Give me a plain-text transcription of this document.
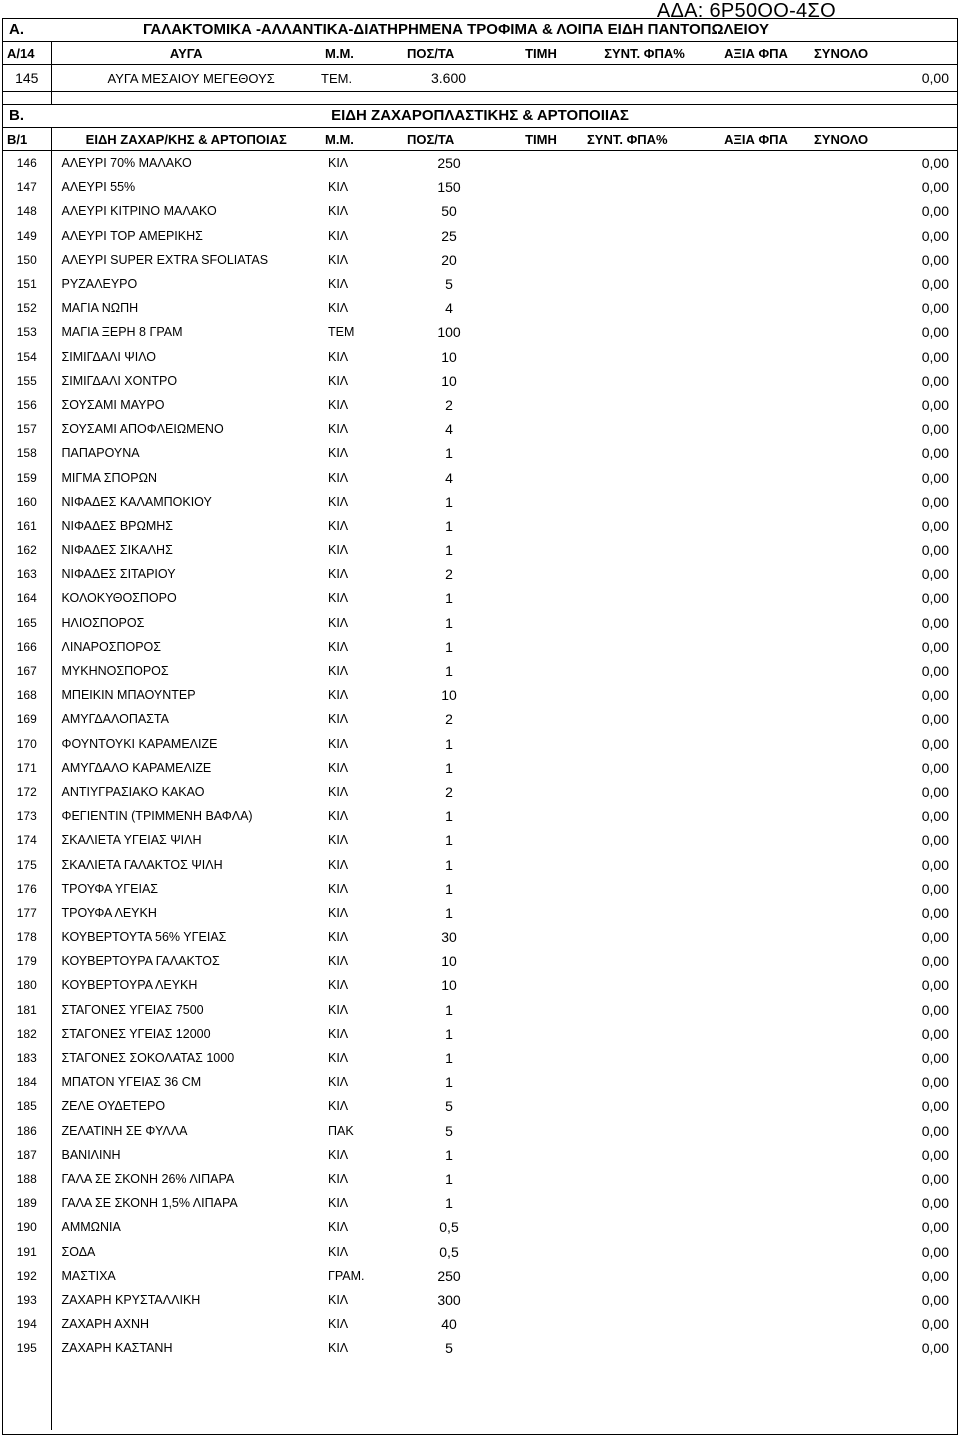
ΑΔΑ: 6Ρ50ΟΟ-4ΣΟ
Α.	ΓΑΛΑΚΤΟΜΙΚΑ -ΑΛΛΑΝΤΙΚΑ-ΔΙΑΤΗΡΗΜΕΝΑ ΤΡΟΦΙΜΑ & ΛΟΙΠΑ ΕΙΔΗ ΠΑΝΤΟΠΩΛΕΙΟΥ
Α/14	ΑΥΓΑ	Μ.Μ.	ΠΟΣ/ΤΑ	ΤΙΜΗ	ΣΥΝΤ. ΦΠΑ%	ΑΞΙΑ ΦΠΑ	ΣΥΝΟΛΟ
145	ΑΥΓΑ ΜΕΣΑΙΟΥ ΜΕΓΕΘΟΥΣ	ΤΕΜ.	3.600				0,00
Β.	ΕΙΔΗ ΖΑΧΑΡΟΠΛΑΣΤΙΚΗΣ & ΑΡΤΟΠΟΙΙΑΣ
Β/1	ΕΙΔΗ ΖΑΧΑΡ/ΚΗΣ & ΑΡΤΟΠΟΙΑΣ	Μ.Μ.	ΠΟΣ/ΤΑ	ΤΙΜΗ	ΣΥΝΤ. ΦΠΑ%	ΑΞΙΑ ΦΠΑ	ΣΥΝΟΛΟ
146	ΑΛΕΥΡΙ 70% ΜΑΛΑΚΟ	ΚΙΛ	250				0,00
147	ΑΛΕΥΡΙ 55%	ΚΙΛ	150				0,00
148	ΑΛΕΥΡΙ ΚΙΤΡΙΝΟ ΜΑΛΑΚΟ	ΚΙΛ	50				0,00
149	ΑΛΕΥΡΙ TOP ΑΜΕΡΙΚΗΣ	ΚΙΛ	25				0,00
150	ΑΛΕΥΡΙ SUPER EXTRA SFOLIATAS	ΚΙΛ	20				0,00
151	ΡΥΖΑΛΕΥΡΟ	ΚΙΛ	5				0,00
152	ΜΑΓΙΑ ΝΩΠΗ	ΚΙΛ	4				0,00
153	ΜΑΓΙΑ ΞΕΡΗ 8 ΓΡΑΜ	ΤΕΜ	100				0,00
154	ΣΙΜΙΓΔΑΛΙ ΨΙΛΟ	ΚΙΛ	10				0,00
155	ΣΙΜΙΓΔΑΛΙ ΧΟΝΤΡΟ	ΚΙΛ	10				0,00
156	ΣΟΥΣΑΜΙ ΜΑΥΡΟ	ΚΙΛ	2				0,00
157	ΣΟΥΣΑΜΙ ΑΠΟΦΛΕΙΩΜΕΝΟ	ΚΙΛ	4				0,00
158	ΠΑΠΑΡΟΥΝΑ	ΚΙΛ	1				0,00
159	ΜΙΓΜΑ ΣΠΟΡΩΝ	ΚΙΛ	4				0,00
160	ΝΙΦΑΔΕΣ ΚΑΛΑΜΠΟΚΙΟΥ	ΚΙΛ	1				0,00
161	ΝΙΦΑΔΕΣ ΒΡΩΜΗΣ	ΚΙΛ	1				0,00
162	ΝΙΦΑΔΕΣ ΣΙΚΑΛΗΣ	ΚΙΛ	1				0,00
163	ΝΙΦΑΔΕΣ ΣΙΤΑΡΙΟΥ	ΚΙΛ	2				0,00
164	ΚΟΛΟΚΥΘΟΣΠΟΡΟ	ΚΙΛ	1				0,00
165	ΗΛΙΟΣΠΟΡΟΣ	ΚΙΛ	1				0,00
166	ΛΙΝΑΡΟΣΠΟΡΟΣ	ΚΙΛ	1				0,00
167	ΜΥΚΗΝΟΣΠΟΡΟΣ	ΚΙΛ	1				0,00
168	ΜΠΕΙΚΙΝ ΜΠΑΟΥΝΤΕΡ	ΚΙΛ	10				0,00
169	ΑΜΥΓΔΑΛΟΠΑΣΤΑ	ΚΙΛ	2				0,00
170	ΦΟΥΝΤΟΥΚΙ ΚΑΡΑΜΕΛΙΖΕ	ΚΙΛ	1				0,00
171	ΑΜΥΓΔΑΛΟ ΚΑΡΑΜΕΛΙΖΕ	ΚΙΛ	1				0,00
172	ΑΝΤΙΥΓΡΑΣΙΑΚΟ ΚΑΚΑΟ	ΚΙΛ	2				0,00
173	ΦΕΓΙΕΝΤΙΝ (ΤΡΙΜΜΕΝΗ ΒΑΦΛΑ)	ΚΙΛ	1				0,00
174	ΣΚΑΛΙΕΤΑ ΥΓΕΙΑΣ ΨΙΛΗ	ΚΙΛ	1				0,00
175	ΣΚΑΛΙΕΤΑ ΓΑΛΑΚΤΟΣ ΨΙΛΗ	ΚΙΛ	1				0,00
176	ΤΡΟΥΦΑ ΥΓΕΙΑΣ	ΚΙΛ	1				0,00
177	ΤΡΟΥΦΑ ΛΕΥΚΗ	ΚΙΛ	1				0,00
178	ΚΟΥΒΕΡΤΟΥΤΑ 56% ΥΓΕΙΑΣ	ΚΙΛ	30				0,00
179	ΚΟΥΒΕΡΤΟΥΡΑ ΓΑΛΑΚΤΟΣ	ΚΙΛ	10				0,00
180	ΚΟΥΒΕΡΤΟΥΡΑ ΛΕΥΚΗ	ΚΙΛ	10				0,00
181	ΣΤΑΓΟΝΕΣ ΥΓΕΙΑΣ 7500	ΚΙΛ	1				0,00
182	ΣΤΑΓΟΝΕΣ ΥΓΕΙΑΣ 12000	ΚΙΛ	1				0,00
183	ΣΤΑΓΟΝΕΣ ΣΟΚΟΛΑΤΑΣ 1000	ΚΙΛ	1				0,00
184	ΜΠΑΤΟΝ ΥΓΕΙΑΣ 36 CM	ΚΙΛ	1				0,00
185	ΖΕΛΕ ΟΥΔΕΤΕΡΟ	ΚΙΛ	5				0,00
186	ΖΕΛΑΤΙΝΗ ΣΕ ΦΥΛΛΑ	ΠΑΚ	5				0,00
187	ΒΑΝΙΛΙΝΗ	ΚΙΛ	1				0,00
188	ΓΑΛΑ ΣΕ ΣΚΟΝΗ 26% ΛΙΠΑΡΑ	ΚΙΛ	1				0,00
189	ΓΑΛΑ ΣΕ ΣΚΟΝΗ 1,5% ΛΙΠΑΡΑ	ΚΙΛ	1				0,00
190	ΑΜΜΩΝΙΑ	ΚΙΛ	0,5				0,00
191	ΣΟΔΑ	ΚΙΛ	0,5				0,00
192	ΜΑΣΤΙΧΑ	ΓΡΑΜ.	250				0,00
193	ΖΑΧΑΡΗ ΚΡΥΣΤΑΛΛΙΚΗ	ΚΙΛ	300				0,00
194	ΖΑΧΑΡΗ ΑΧΝΗ	ΚΙΛ	40				0,00
195	ΖΑΧΑΡΗ ΚΑΣΤΑΝΗ	ΚΙΛ	5				0,00
